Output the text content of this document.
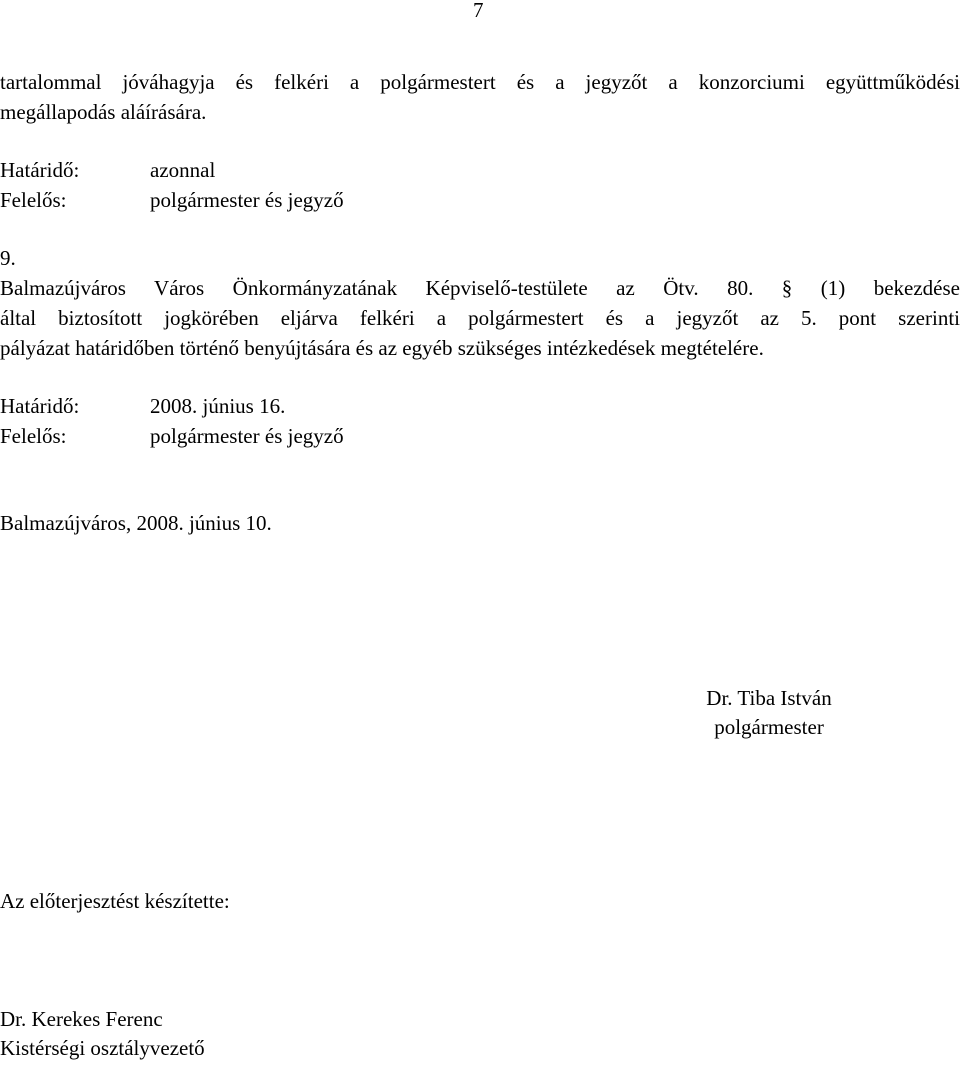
7
tartalommal jóváhagyja és felkéri a polgármestert és a jegyzőt a konzorciumi együttműködési
megállapodás aláírására.
Határidő:	azonnal
Felelős:	polgármester és jegyző
9.
Balmazújváros Város Önkormányzatának Képviselő-testülete az Ötv. 80. § (1) bekezdése
által biztosított jogkörében eljárva felkéri a polgármestert és a jegyzőt az 5. pont szerinti
pályázat határidőben történő benyújtására és az egyéb szükséges intézkedések megtételére.
Határidő:	2008. június 16.
Felelős:	polgármester és jegyző
Balmazújváros, 2008. június 10.
Dr. Tiba István
polgármester
Az előterjesztést készítette:
Dr. Kerekes Ferenc
Kistérségi osztályvezető
